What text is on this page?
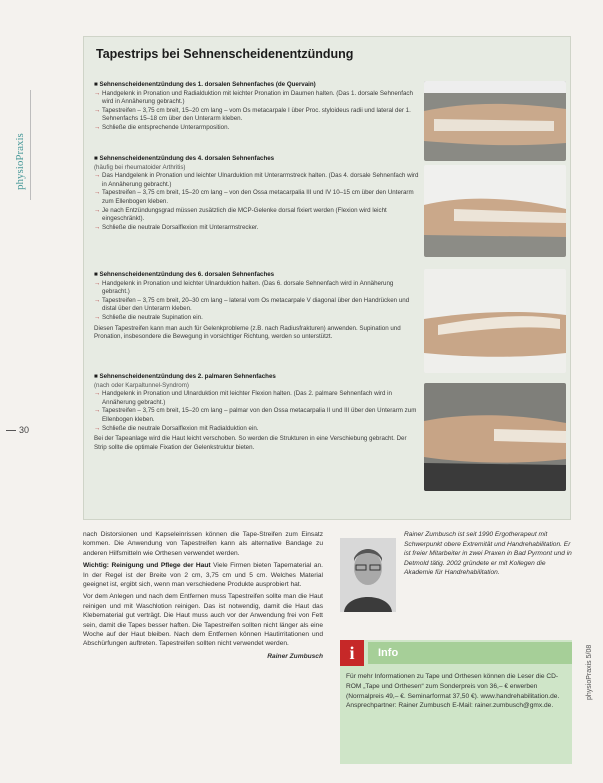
physioPraxis
30
Tapestrips bei Sehnenscheidenentzündung
■ Sehnenscheidenentzündung des 1. dorsalen Sehnenfaches (de Quervain)
→ Handgelenk in Pronation und Radialduktion mit leichter Pronation im Daumen halten. (Das 1. dorsale Sehnenfach wird in Annäherung gebracht.)
→ Tapestreifen – 3,75 cm breit, 15–20 cm lang – vom Os metacarpale I über Proc. styloideus radii und lateral der 1. Sehnenfachs 15–18 cm über den Unterarm kleben.
→ Schließe die entsprechende Unterarmposition.
■ Sehnenscheidenentzündung des 4. dorsalen Sehnenfaches
(häufig bei rheumatoider Arthritis)
→ Das Handgelenk in Pronation und leichter Ulnarduktion mit Unterarmstreck halten. (Das 4. dorsale Sehnenfach wird in Annäherung gebracht.)
→ Tapestreifen – 3,75 cm breit, 15–20 cm lang – von den Ossa metacarpalia III und IV 10–15 cm über den Unterarm zum Ellenbogen kleben.
→ Je nach Entzündungsgrad müssen zusätzlich die MCP-Gelenke dorsal fixiert werden (Flexion wird leicht eingeschränkt).
→ Schließe die neutrale Dorsalflexion mit Unterarmstrecker.
■ Sehnenscheidenentzündung des 6. dorsalen Sehnenfaches
→ Handgelenk in Pronation und leichter Ulnarduktion halten. (Das 6. dorsale Sehnenfach wird in Annäherung gebracht.)
→ Tapestreifen – 3,75 cm breit, 20–30 cm lang – lateral vom Os metacarpale V diagonal über den Handrücken und distal über den Unterarm kleben.
→ Schließe die neutrale Supination ein.

Diesen Tapestreifen kann man auch für Gelenkprobleme (z.B. nach Radiusfrakturen) anwenden. Supination und Pronation, insbesondere die Bewegung in vorsichtiger Richtung, werden so unterstützt.

■ Sehnenscheidenentzündung des 2. palmaren Sehnenfaches
(nach oder Karpaltunnel-Syndrom)
→ Handgelenk in Pronation und Ulnarduktion mit leichter Flexion halten. (Das 2. palmare Sehnenfach wird in Annäherung gebracht.)
→ Tapestreifen – 3,75 cm breit, 15–20 cm lang – palmar von den Ossa metacarpalia II und III über den Unterarm zum Ellenbogen kleben.
→ Schließe die neutrale Dorsalflexion mit Radialduktion ein.

Bei der Tapeanlage wird die Haut leicht verschoben. So werden die Strukturen in eine Verschiebung gebracht. Der Strip sollte die optimale Fixation der Gelenkstruktur bieten.

nach Distorsionen und Kapseleinrissen können die Tape-Streifen zum Einsatz kommen. Die Anwendung von Tapestreifen kann als alternative Bandage zu anderen Hilfsmitteln wie Orthesen verwendet werden.

Wichtig: Reinigung und Pflege der Haut Viele Firmen bieten Tapematerial an. In der Regel ist der Breite von 2 cm, 3,75 cm und 5 cm. Welches Material geeignet ist, ergibt sich, wenn man verschiedene Produkte ausprobiert hat.

Vor dem Anlegen und nach dem Entfernen muss Tapestreifen sollte man die Haut reinigen und mit Waschlotion reinigen. Das ist notwendig, damit die Haut das Klebematerial gut verträgt. Die Haut muss auch vor der Anwendung frei von Fett sein, damit die Tapes besser haften. Die Tapestreifen sollten nicht länger als eine Woche auf der Haut bleiben. Nach dem Entfernen können Hautirritationen und Abschürfungen auftreten. Tapestreifen sollten nicht verwendet werden.

Rainer Zumbusch
Rainer Zumbusch ist seit 1990 Ergotherapeut mit Schwerpunkt obere Extremität und Handrehabilitation. Er ist freier Mitarbeiter in zwei Praxen in Bad Pyrmont und in Detmold tätig. 2002 gründete er mit Kollegen die Akademie für Handrehabilitation.
i	Info
Für mehr Informationen zu Tape und Orthesen können die Leser die CD-ROM „Tape und Orthesen“ zum Sonderpreis von 36,– € erwerben (Normalpreis 49,– €. Seminarformat 37,50 €). www.handrehabilitation.de. Ansprechpartner: Rainer Zumbusch E-Mail: rainer.zumbusch@gmx.de.
physioPraxis 5/08
